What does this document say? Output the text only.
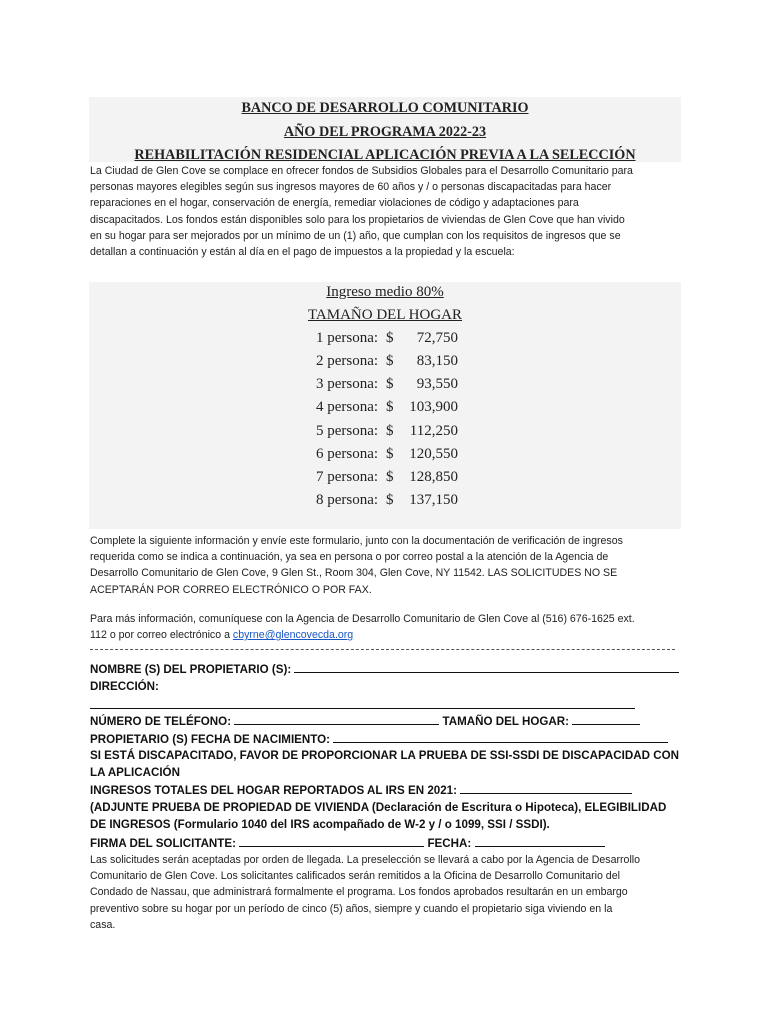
BANCO DE DESARROLLO COMUNITARIO
AÑO DEL PROGRAMA 2022-23
REHABILITACIÓN RESIDENCIAL APLICACIÓN PREVIA A LA SELECCIÓN
La Ciudad de Glen Cove se complace en ofrecer fondos de Subsidios Globales para el Desarrollo Comunitario para
personas mayores elegibles según sus ingresos mayores de 60 años y / o personas discapacitadas para hacer
reparaciones en el hogar, conservación de energía, remediar violaciones de código y adaptaciones para
discapacitados. Los fondos están disponibles solo para los propietarios de viviendas de Glen Cove que han vivido
en su hogar para ser mejorados por un mínimo de un (1) año, que cumplan con los requisitos de ingresos que se
detallan a continuación y están al día en el pago de impuestos a la propiedad y la escuela:
Ingreso medio 80%
TAMAÑO DEL HOGAR
1 persona: $ 72,750
2 persona: $ 83,150
3 persona: $ 93,550
4 persona: $ 103,900
5 persona: $ 112,250
6 persona: $ 120,550
7 persona: $ 128,850
8 persona: $ 137,150
Complete la siguiente información y envíe este formulario, junto con la documentación de verificación de ingresos
requerida como se indica a continuación, ya sea en persona o por correo postal a la atención de la Agencia de
Desarrollo Comunitario de Glen Cove, 9 Glen St., Room 304, Glen Cove, NY 11542. LAS SOLICITUDES NO SE
ACEPTARÁN POR CORREO ELECTRÓNICO O POR FAX.
Para más información, comuníquese con la Agencia de Desarrollo Comunitario de Glen Cove al (516) 676-1625 ext.
112 o por correo electrónico a cbyrne@glencovecda.org
NOMBRE (S) DEL PROPIETARIO (S):
DIRECCIÓN:
NÚMERO DE TELÉFONO:	TAMAÑO DEL HOGAR:
PROPIETARIO (S) FECHA DE NACIMIENTO:
SI ESTÁ DISCAPACITADO, FAVOR DE PROPORCIONAR LA PRUEBA DE SSI-SSDI DE DISCAPACIDAD CON
LA APLICACIÓN
INGRESOS TOTALES DEL HOGAR REPORTADOS AL IRS EN 2021:
(ADJUNTE PRUEBA DE PROPIEDAD DE VIVIENDA (Declaración de Escritura o Hipoteca), ELEGIBILIDAD
DE INGRESOS (Formulario 1040 del IRS acompañado de W-2 y / o 1099, SSI / SSDI).
FIRMA DEL SOLICITANTE:	FECHA:
Las solicitudes serán aceptadas por orden de llegada. La preselección se llevará a cabo por la Agencia de Desarrollo
Comunitario de Glen Cove. Los solicitantes calificados serán remitidos a la Oficina de Desarrollo Comunitario del
Condado de Nassau, que administrará formalmente el programa. Los fondos aprobados resultarán en un embargo
preventivo sobre su hogar por un período de cinco (5) años, siempre y cuando el propietario siga viviendo en la
casa.
